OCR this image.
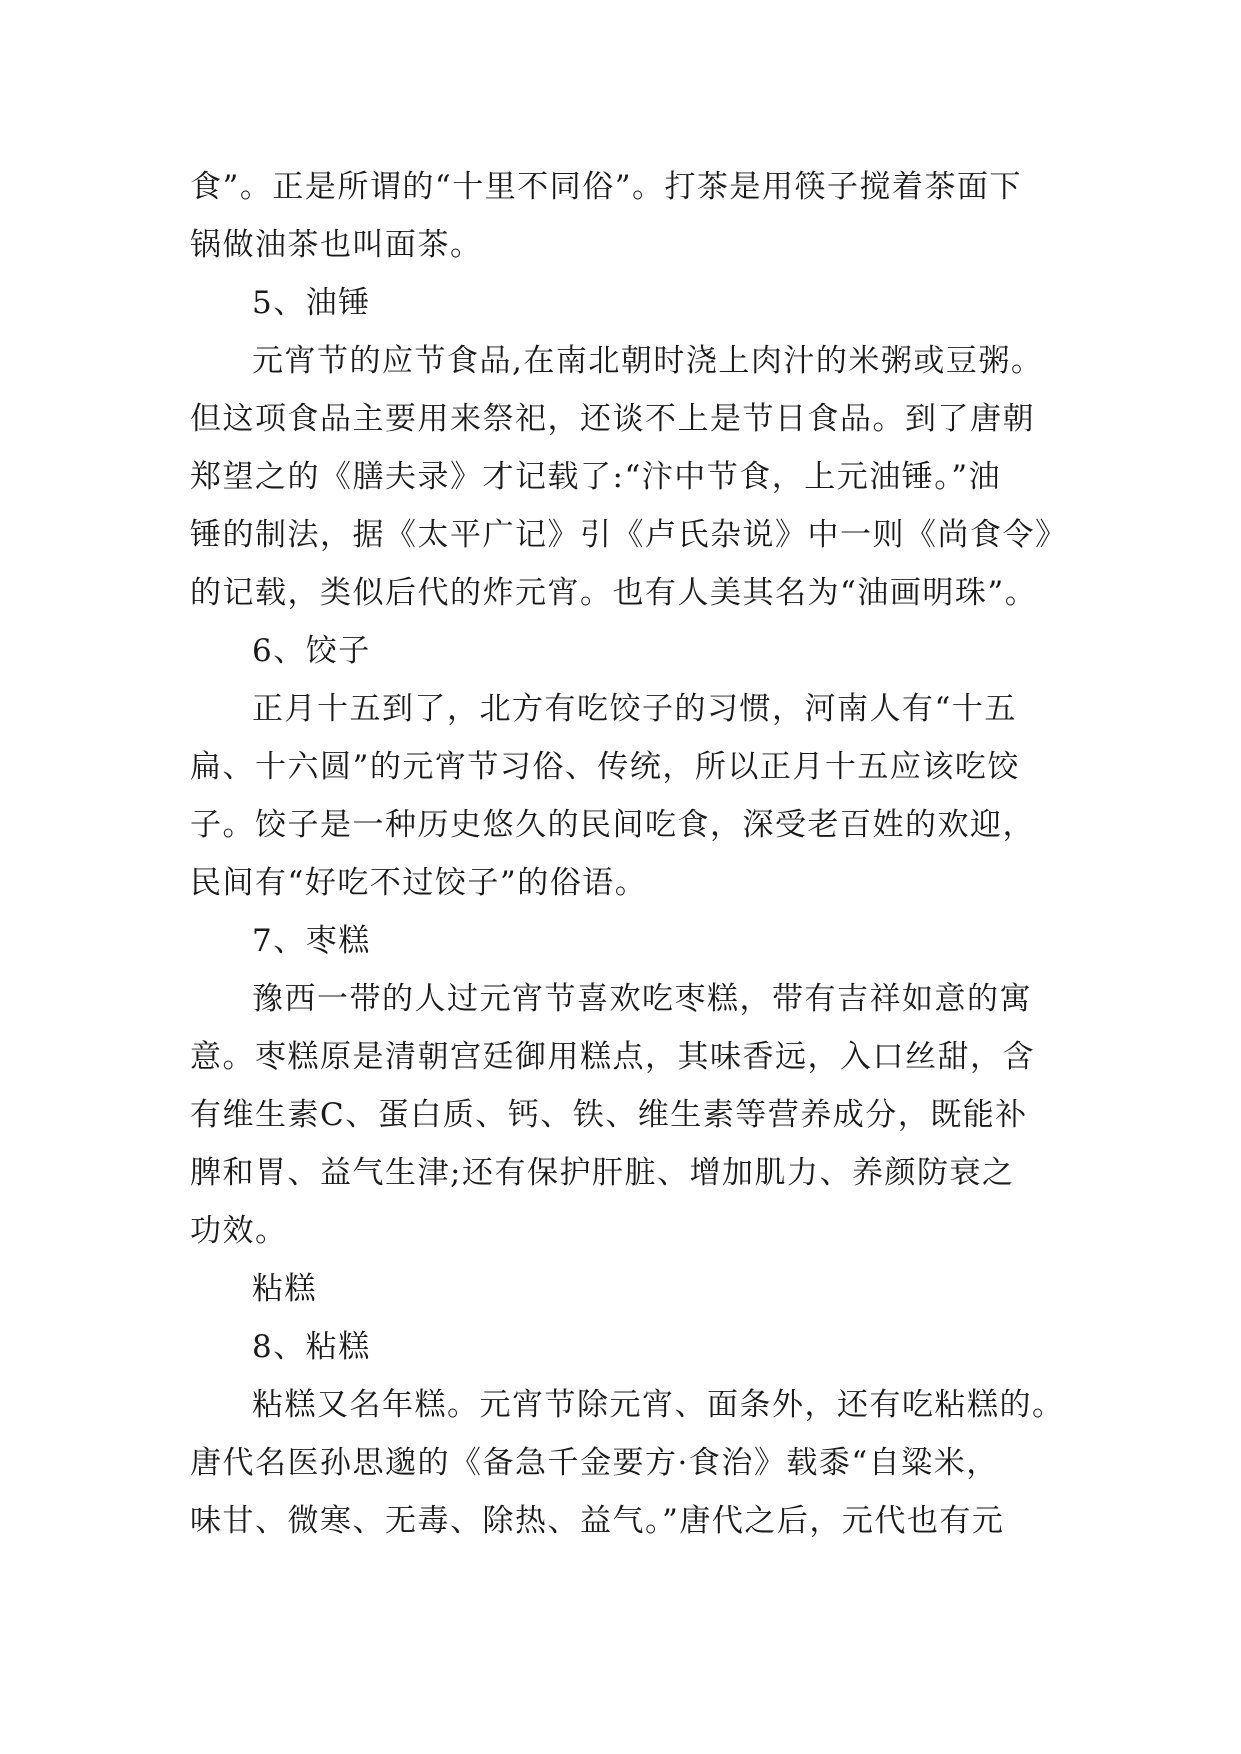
食”。正是所谓的“十里不同俗”。打茶是用筷子搅着茶面下
锅做油茶也叫面茶。
5、油锤
元宵节的应节食品,在南北朝时浇上肉汁的米粥或豆粥。
但这项食品主要用来祭祀，还谈不上是节日食品。到了唐朝
郑望之的《膳夫录》才记载了:“汴中节食，上元油锤。”油
锤的制法，据《太平广记》引《卢氏杂说》中一则《尚食令》
的记载，类似后代的炸元宵。也有人美其名为“油画明珠”。
6、饺子
正月十五到了，北方有吃饺子的习惯，河南人有“十五
扁、十六圆”的元宵节习俗、传统，所以正月十五应该吃饺
子。饺子是一种历史悠久的民间吃食，深受老百姓的欢迎，
民间有“好吃不过饺子”的俗语。
7、枣糕
豫西一带的人过元宵节喜欢吃枣糕，带有吉祥如意的寓
意。枣糕原是清朝宫廷御用糕点，其味香远，入口丝甜，含
有维生素C、蛋白质、钙、铁、维生素等营养成分，既能补
脾和胃、益气生津;还有保护肝脏、增加肌力、养颜防衰之
功效。
粘糕
8、粘糕
粘糕又名年糕。元宵节除元宵、面条外，还有吃粘糕的。
唐代名医孙思邈的《备急千金要方·食治》载黍“自粱米，
味甘、微寒、无毒、除热、益气。”唐代之后，元代也有元
